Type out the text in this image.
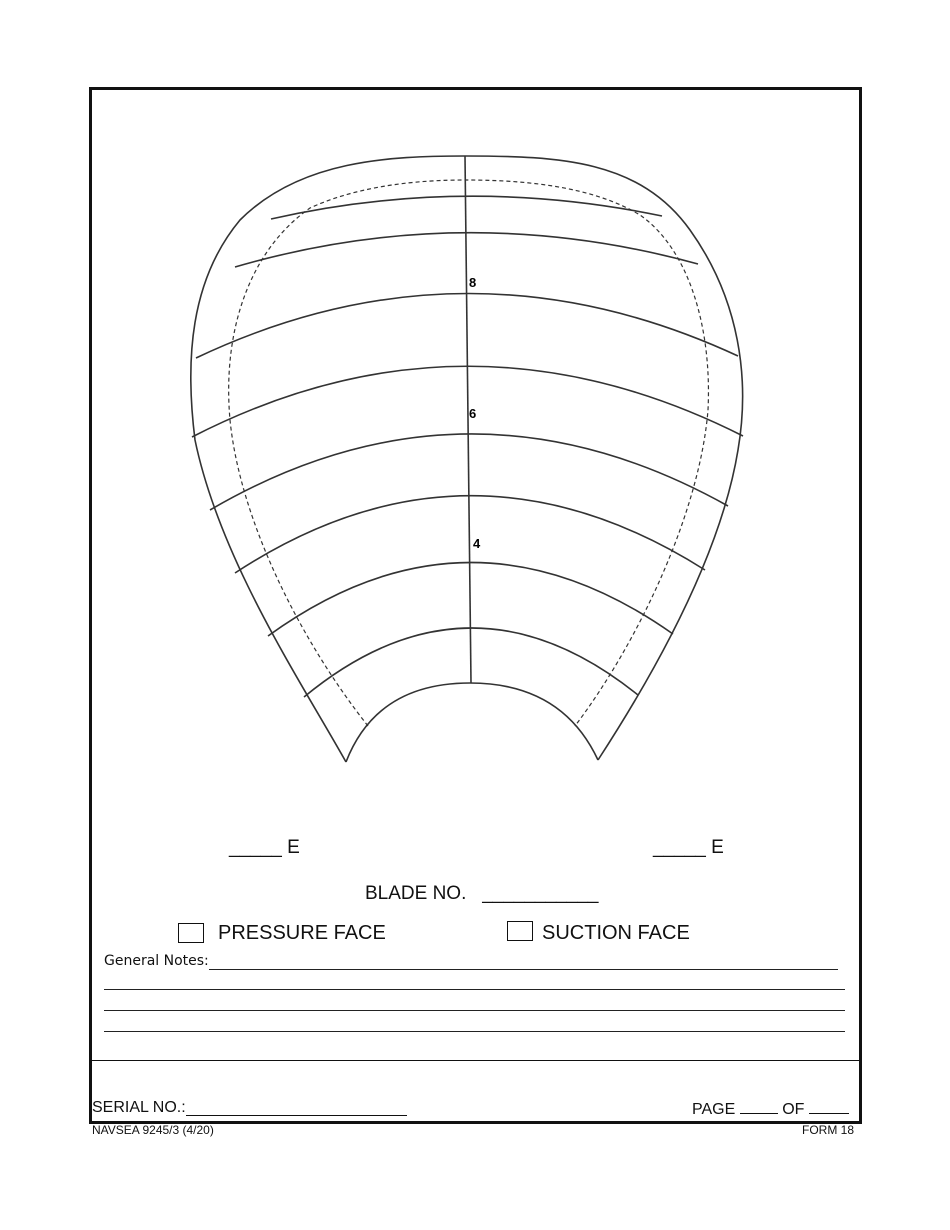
8
6
4
_____ E	_____ E
BLADE NO. ___________
PRESSURE FACE	SUCTION FACE
General Notes:
SERIAL NO.:	PAGE	OF
NAVSEA 9245/3 (4/20)	FORM 18
